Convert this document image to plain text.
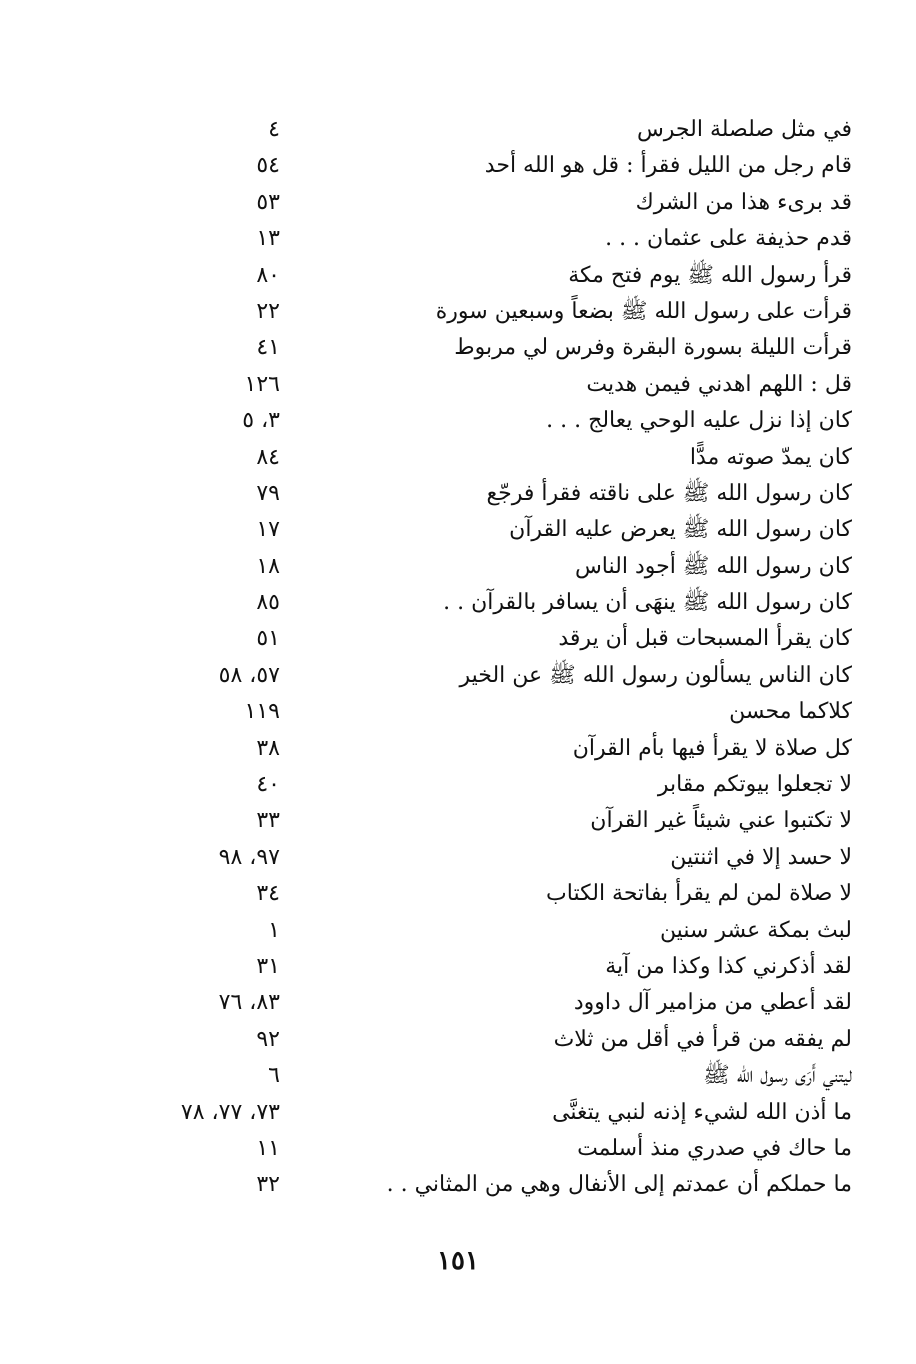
في مثل صلصلة الجرس
٤
قام رجل من الليل فقرأ : قل هو الله أحد
٥٤
قد برىء هذا من الشرك
٥٣
قدم حذيفة على عثمان . . .
١٣
قرأ رسول الله ﷺ يوم فتح مكة
٨٠
قرأت على رسول الله ﷺ بضعاً وسبعين سورة
٢٢
قرأت الليلة بسورة البقرة وفرس لي مربوط
٤١
قل : اللهم اهدني فيمن هديت
١٢٦
كان إذا نزل عليه الوحي يعالج . . .
٣، ٥
كان يمدّ صوته مدًّا
٨٤
كان رسول الله ﷺ على ناقته فقرأ فرجّع
٧٩
كان رسول الله ﷺ يعرض عليه القرآن
١٧
كان رسول الله ﷺ أجود الناس
١٨
كان رسول الله ﷺ ينهَى أن يسافر بالقرآن . .
٨٥
كان يقرأ المسبحات قبل أن يرقد
٥١
كان الناس يسألون رسول الله ﷺ عن الخير
٥٧، ٥٨
كلاكما محسن
١١٩
كل صلاة لا يقرأ فيها بأم القرآن
٣٨
لا تجعلوا بيوتكم مقابر
٤٠
لا تكتبوا عني شيئاً غير القرآن
٣٣
لا حسد إلا في اثنتين
٩٧، ٩٨
لا صلاة لمن لم يقرأ بفاتحة الكتاب
٣٤
لبث بمكة عشر سنين
١
لقد أذكرني كذا وكذا من آية
٣١
لقد أعطي من مزامير آل داوود
٨٣، ٧٦
لم يفقه من قرأ في أقل من ثلاث
٩٢
ليتني أَرَى رسول الله ﷺ
٦
ما أذن الله لشيء إذنه لنبي يتغنَّى
٧٣، ٧٧، ٧٨
ما حاك في صدري منذ أسلمت
١١
ما حملكم أن عمدتم إلى الأنفال وهي من المثاني . .
٣٢
١٥١
